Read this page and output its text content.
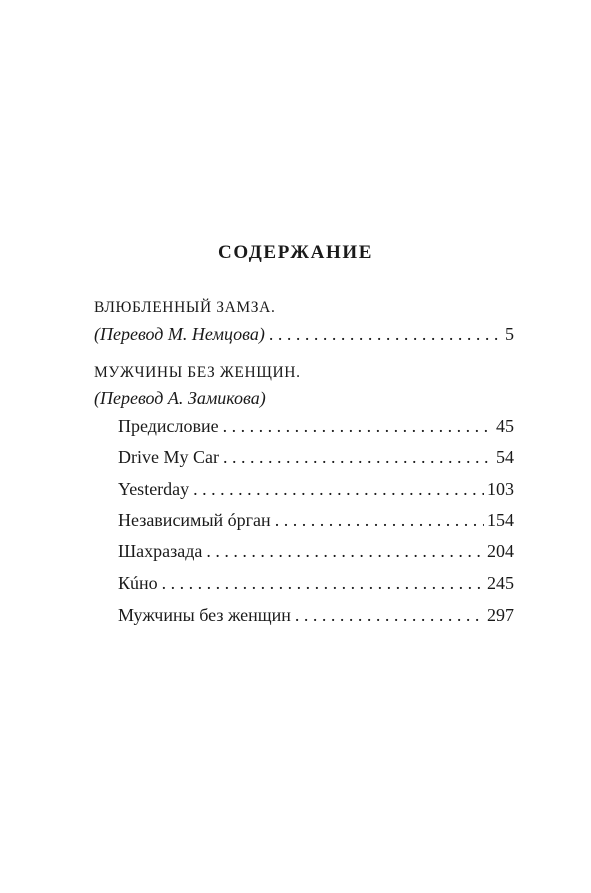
СОДЕРЖАНИЕ
ВЛЮБЛЕННЫЙ ЗАМЗА.
(Перевод М. Немцова) . . .	5
МУЖЧИНЫ БЕЗ ЖЕНЩИН.
(Перевод А. Замикова)
Предисловие . . .	45
Drive My Car . . .	54
Yesterday . . .	103
Независимый óрган . . .	154
Шахразада . . .	204
Кúно . . .	245
Мужчины без женщин . . .	297
